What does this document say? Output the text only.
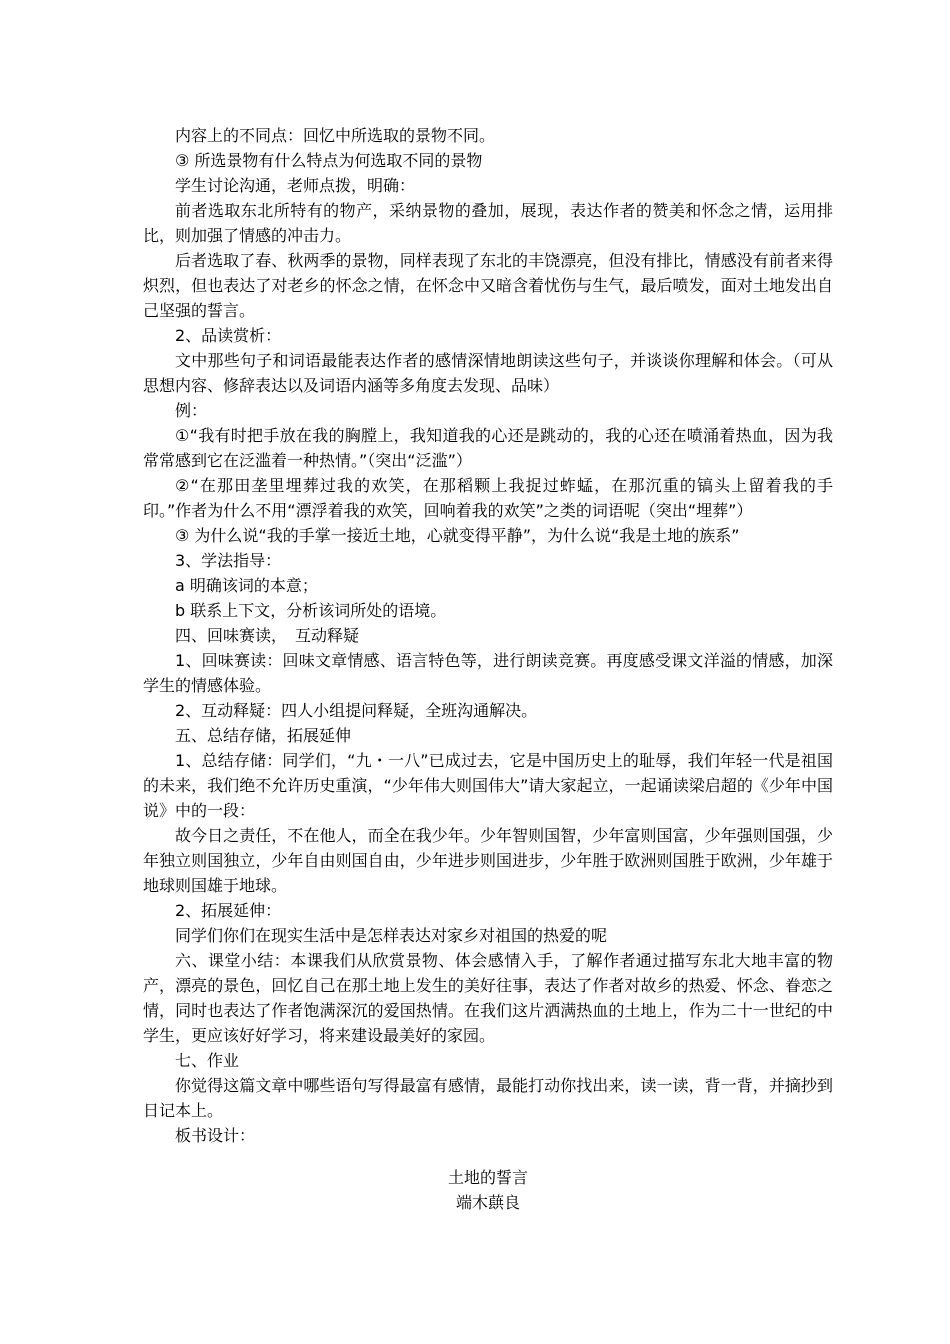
内容上的不同点：回忆中所选取的景物不同。

③ 所选景物有什么特点为何选取不同的景物

学生讨论沟通，老师点拨，明确：

前者选取东北所特有的物产，采纳景物的叠加，展现，表达作者的赞美和怀念之情，运用排比，则加强了情感的冲击力。

后者选取了春、秋两季的景物，同样表现了东北的丰饶漂亮，但没有排比，情感没有前者来得炽烈，但也表达了对老乡的怀念之情，在怀念中又暗含着忧伤与生气，最后喷发，面对土地发出自己坚强的誓言。

2、品读赏析：

文中那些句子和词语最能表达作者的感情深情地朗读这些句子，并谈谈你理解和体会。（可从思想内容、修辞表达以及词语内涵等多角度去发现、品味）

例：

①“我有时把手放在我的胸膛上，我知道我的心还是跳动的，我的心还在喷涌着热血，因为我常常感到它在泛滥着一种热情。”（突出“泛滥”）

②“在那田垄里埋葬过我的欢笑，在那稻颗上我捉过蚱蜢，在那沉重的镐头上留着我的手印。”作者为什么不用“漂浮着我的欢笑，回响着我的欢笑”之类的词语呢（突出“埋葬”）

③ 为什么说“我的手掌一接近土地，心就变得平静”，为什么说“我是土地的族系”

3、学法指导：

a 明确该词的本意；

b 联系上下文，分析该词所处的语境。

四、回味赛读，　互动释疑

1、回味赛读：回味文章情感、语言特色等，进行朗读竞赛。再度感受课文洋溢的情感，加深学生的情感体验。

2、互动释疑：四人小组提问释疑，全班沟通解决。

五、总结存储，拓展延伸

1、总结存储：同学们，“九・一八”已成过去，它是中国历史上的耻辱，我们年轻一代是祖国的未来，我们绝不允许历史重演，“少年伟大则国伟大”请大家起立，一起诵读梁启超的《少年中国说》中的一段：

故今日之责任，不在他人，而全在我少年。少年智则国智，少年富则国富，少年强则国强，少年独立则国独立，少年自由则国自由，少年进步则国进步，少年胜于欧洲则国胜于欧洲，少年雄于地球则国雄于地球。

2、拓展延伸：

同学们你们在现实生活中是怎样表达对家乡对祖国的热爱的呢

六、课堂小结：本课我们从欣赏景物、体会感情入手，了解作者通过描写东北大地丰富的物产，漂亮的景色，回忆自己在那土地上发生的美好往事，表达了作者对故乡的热爱、怀念、眷恋之情，同时也表达了作者饱满深沉的爱国热情。在我们这片洒满热血的土地上，作为二十一世纪的中学生，更应该好好学习，将来建设最美好的家园。

七、作业

你觉得这篇文章中哪些语句写得最富有感情，最能打动你找出来，读一读，背一背，并摘抄到日记本上。

板书设计：

土地的誓言

端木蕻良
